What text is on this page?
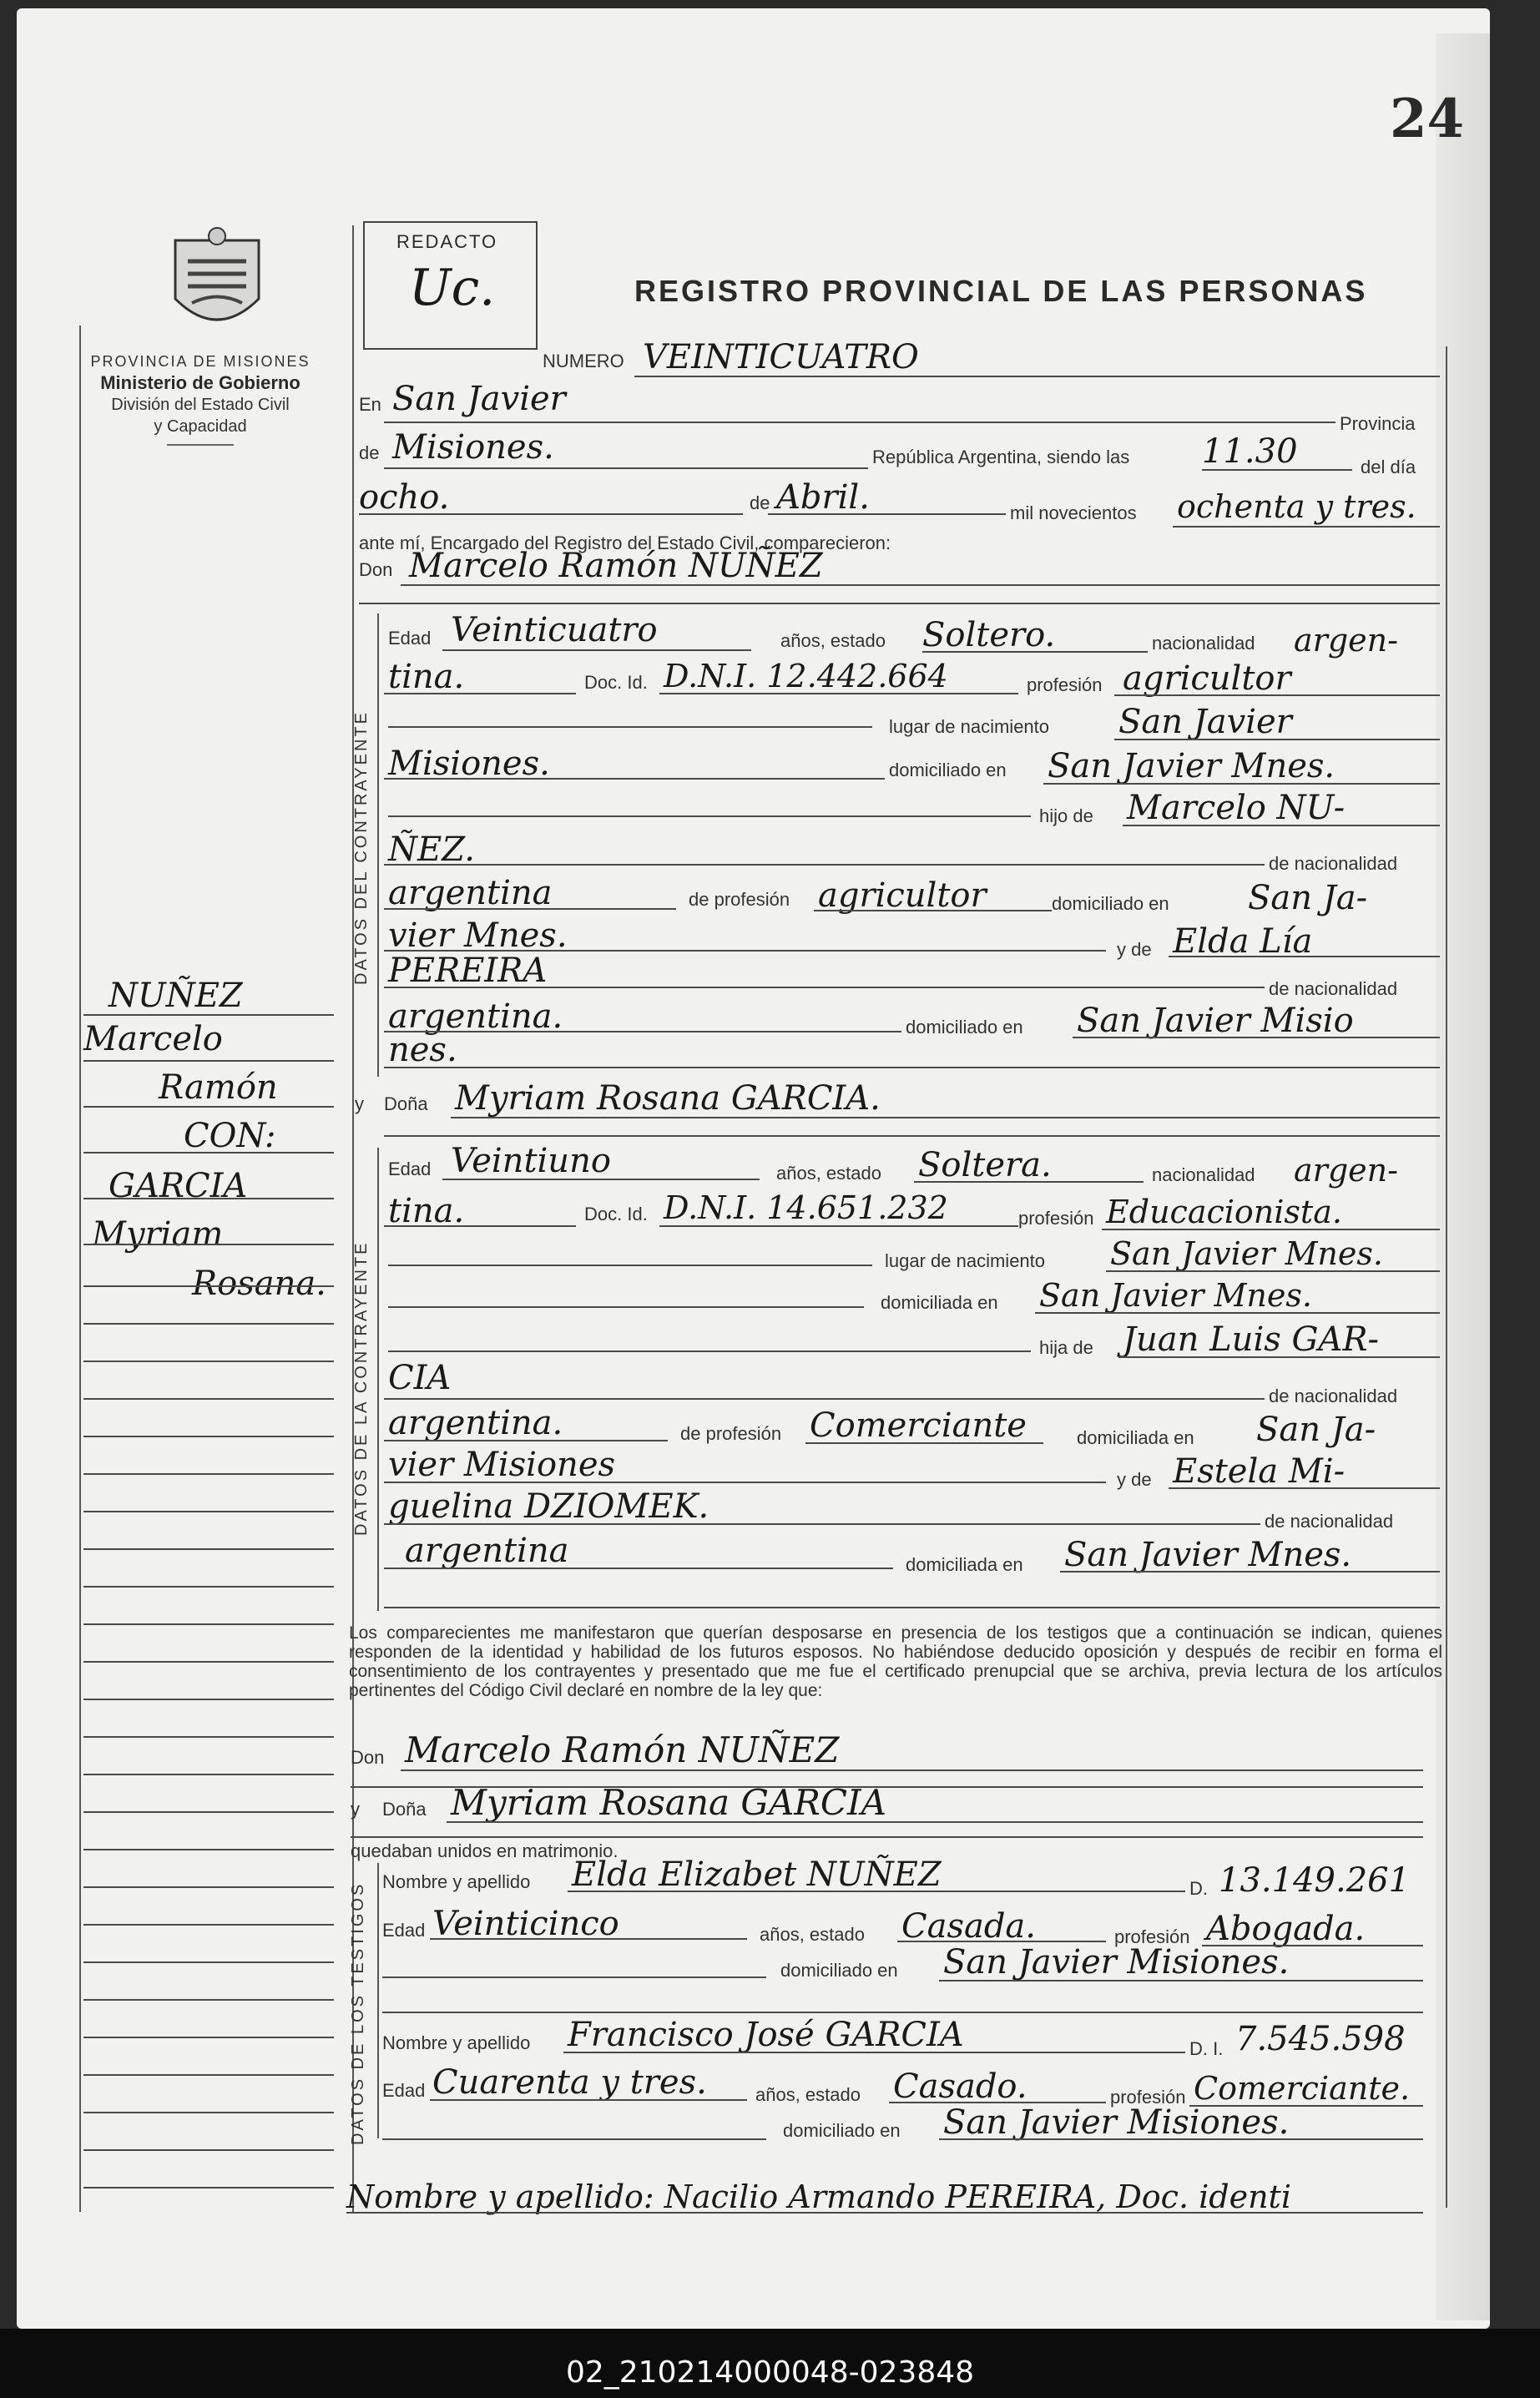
24
PROVINCIA DE MISIONES
Ministerio de Gobierno
División del Estado Civil
y Capacidad
REDACTO
Uc.	REGISTRO PROVINCIAL DE LAS PERSONAS
NUÑEZ
Marcelo
Ramón
CON:
GARCIA
Myriam
Rosana.
NUMERO VEINTICUATRO
En San Javier
Provincia
de Misiones.	República Argentina, siendo las 11.30	del día
ocho.	de Abril.	mil novecientos ochenta y tres.
ante mí, Encargado del Registro del Estado Civil, comparecieron:
Don Marcelo Ramón NUÑEZ
DATOS DEL CONTRAYENTE
Edad Veinticuatro	años, estado Soltero.	nacionalidad argen-
tina.	Doc. Id. D.N.I. 12.442.664	profesión agricultor
lugar de nacimiento San Javier
Misiones.	domiciliado en San Javier Mnes.
hijo de Marcelo NU-
ÑEZ.	de nacionalidad
argentina	de profesión agricultor	domiciliado en San Ja-
vier Mnes.	y de Elda Lía
PEREIRA	de nacionalidad
argentina.	domiciliado en San Javier Misio
nes.
y Doña Myriam Rosana GARCIA.
DATOS DE LA CONTRAYENTE
Edad Veintiuno	años, estado Soltera.	nacionalidad argen-
tina.	Doc. Id. D.N.I. 14.651.232	profesión Educacionista.
lugar de nacimiento San Javier Mnes.
domiciliada en San Javier Mnes.
hija de Juan Luis GAR-
CIA	de nacionalidad
argentina.	de profesión Comerciante	domiciliada en San Ja-
vier Misiones	y de Estela Mi-
guelina DZIOMEK.	de nacionalidad
argentina	domiciliada en San Javier Mnes.
Los comparecientes me manifestaron que querían desposarse en presencia de los testigos que a continuación se indican, quienes responden de la identidad y habilidad de los futuros esposos. No habiéndose deducido oposición y después de recibir en forma el consentimiento de los contrayentes y presentado que me fue el certificado prenupcial que se archiva, previa lectura de los artículos pertinentes del Código Civil declaré en nombre de la ley que:
Don Marcelo Ramón NUÑEZ
y Doña Myriam Rosana GARCIA
quedaban unidos en matrimonio.
DATOS DE LOS TESTIGOS
Nombre y apellido Elda Elizabet NUÑEZ	D. 13.149.261
Edad Veinticinco	años, estado Casada.	profesión Abogada.
domiciliado en San Javier Misiones.
Nombre y apellido Francisco José GARCIA	D. I. 7.545.598
Edad Cuarenta y tres.	años, estado Casado.	profesión Comerciante.
domiciliado en San Javier Misiones.
Nombre y apellido: Nacilio Armando PEREIRA, Doc. identi
02_210214000048-023848
